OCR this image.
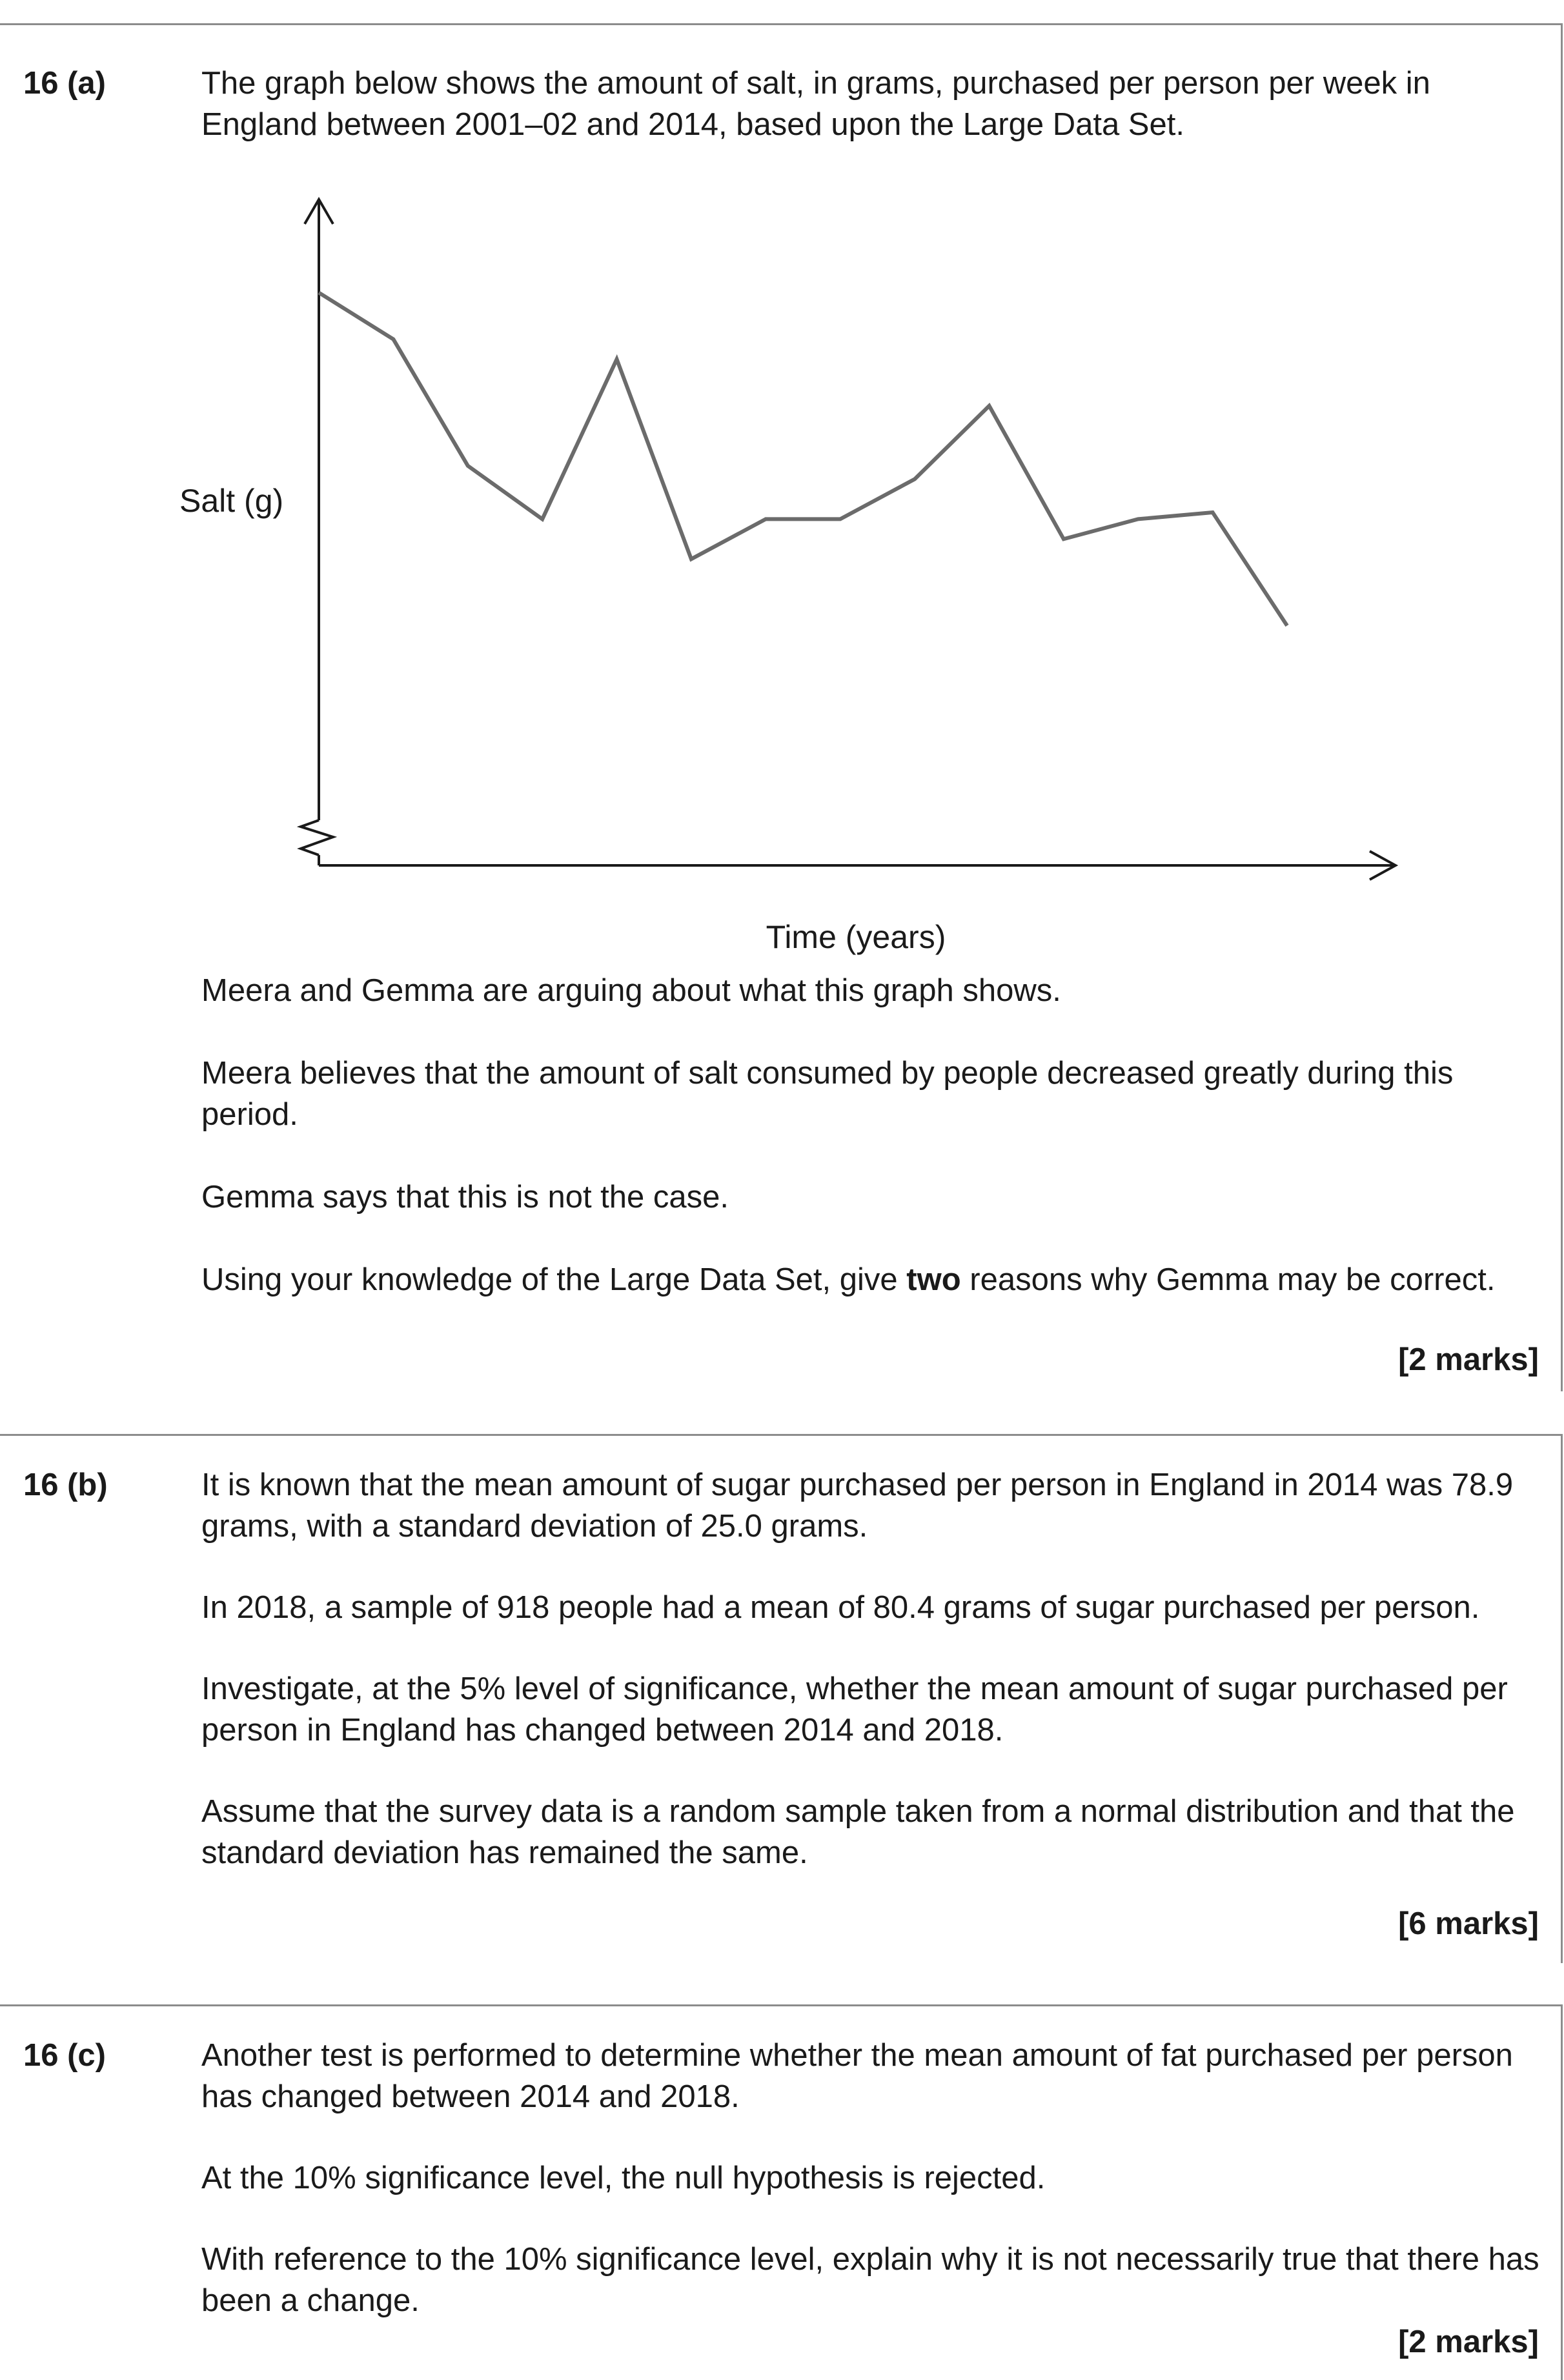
16 (a)	The graph below shows the amount of salt, in grams, purchased per person per week in England between 2001–02 and 2014, based upon the Large Data Set.

Salt (g)
Time (years)

Meera and Gemma are arguing about what this graph shows.

Meera believes that the amount of salt consumed by people decreased greatly during this period.

Gemma says that this is not the case.

Using your knowledge of the Large Data Set, give two reasons why Gemma may be correct.

[2 marks]
16 (b)	It is known that the mean amount of sugar purchased per person in England in 2014 was 78.9 grams, with a standard deviation of 25.0 grams.

In 2018, a sample of 918 people had a mean of 80.4 grams of sugar purchased per person.

Investigate, at the 5% level of significance, whether the mean amount of sugar purchased per person in England has changed between 2014 and 2018.

Assume that the survey data is a random sample taken from a normal distribution and that the standard deviation has remained the same.

[6 marks]
16 (c)	Another test is performed to determine whether the mean amount of fat purchased per person has changed between 2014 and 2018.

At the 10% significance level, the null hypothesis is rejected.

With reference to the 10% significance level, explain why it is not necessarily true that there has been a change.

[2 marks]
